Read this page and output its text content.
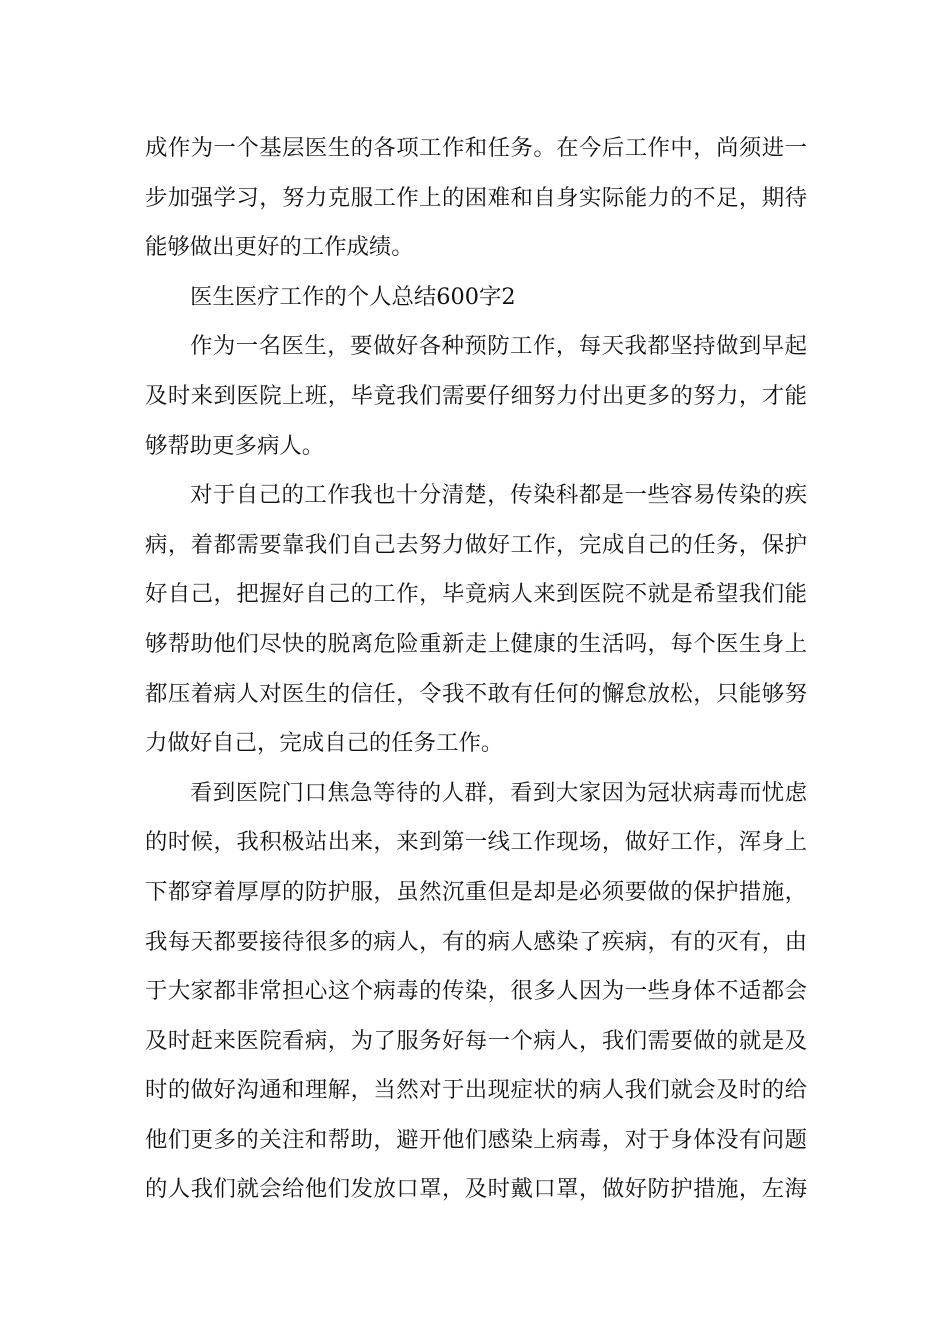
成作为一个基层医生的各项工作和任务。在今后工作中，尚须进一
步加强学习，努力克服工作上的困难和自身实际能力的不足，期待
能够做出更好的工作成绩。
医生医疗工作的个人总结600字2
作为一名医生，要做好各种预防工作，每天我都坚持做到早起
及时来到医院上班，毕竟我们需要仔细努力付出更多的努力，才能
够帮助更多病人。
对于自己的工作我也十分清楚，传染科都是一些容易传染的疾
病，着都需要靠我们自己去努力做好工作，完成自己的任务，保护
好自己，把握好自己的工作，毕竟病人来到医院不就是希望我们能
够帮助他们尽快的脱离危险重新走上健康的生活吗，每个医生身上
都压着病人对医生的信任，令我不敢有任何的懈怠放松，只能够努
力做好自己，完成自己的任务工作。
看到医院门口焦急等待的人群，看到大家因为冠状病毒而忧虑
的时候，我积极站出来，来到第一线工作现场，做好工作，浑身上
下都穿着厚厚的防护服，虽然沉重但是却是必须要做的保护措施，
我每天都要接待很多的病人，有的病人感染了疾病，有的灭有，由
于大家都非常担心这个病毒的传染，很多人因为一些身体不适都会
及时赶来医院看病，为了服务好每一个病人，我们需要做的就是及
时的做好沟通和理解，当然对于出现症状的病人我们就会及时的给
他们更多的关注和帮助，避开他们感染上病毒，对于身体没有问题
的人我们就会给他们发放口罩，及时戴口罩，做好防护措施，左海
